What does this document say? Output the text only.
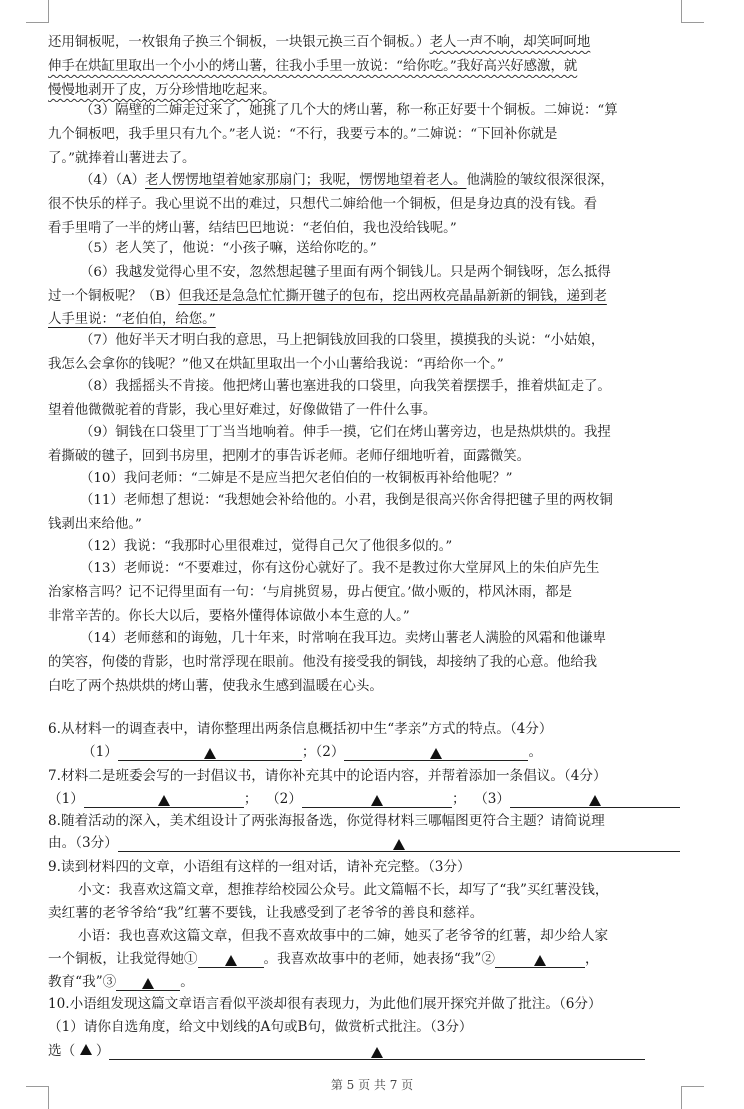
还用铜板呢，一枚银角子换三个铜板，一块银元换三百个铜板。）老人一声不响，却笑呵呵地
伸手在烘缸里取出一个小小的烤山薯，往我小手里一放说：“给你吃。”我好高兴好感激，就
慢慢地剥开了皮，万分珍惜地吃起来。
（3）隔壁的二婶走过来了，她挑了几个大的烤山薯，称一称正好要十个铜板。二婶说：“算
九个铜板吧，我手里只有九个。”老人说：“不行，我要亏本的。”二婶说：“下回补你就是
了。”就捧着山薯进去了。
（4）（A）老人愣愣地望着她家那扇门；我呢，愣愣地望着老人。他满脸的皱纹很深很深，
很不快乐的样子。我心里说不出的难过，只想代二婶给他一个铜板，但是身边真的没有钱。看
看手里啃了一半的烤山薯，结结巴巴地说：“老伯伯，我也没给钱呢。”
（5）老人笑了，他说：“小孩子嘛，送给你吃的。”
（6）我越发觉得心里不安，忽然想起毽子里面有两个铜钱儿。只是两个铜钱呀，怎么抵得
过一个铜板呢？（B）但我还是急急忙忙撕开毽子的包布，挖出两枚亮晶晶新新的铜钱，递到老
人手里说：“老伯伯，给您。”
（7）他好半天才明白我的意思，马上把铜钱放回我的口袋里，摸摸我的头说：“小姑娘，
我怎么会拿你的钱呢？”他又在烘缸里取出一个小山薯给我说：“再给你一个。”
（8）我摇摇头不肯接。他把烤山薯也塞进我的口袋里，向我笑着摆摆手，推着烘缸走了。
望着他微微驼着的背影，我心里好难过，好像做错了一件什么事。
（9）铜钱在口袋里丁丁当当地响着。伸手一摸，它们在烤山薯旁边，也是热烘烘的。我捏
着撕破的毽子，回到书房里，把刚才的事告诉老师。老师仔细地听着，面露微笑。
（10）我问老师：“二婶是不是应当把欠老伯伯的一枚铜板再补给他呢？”
（11）老师想了想说：“我想她会补给他的。小君，我倒是很高兴你舍得把毽子里的两枚铜
钱剥出来给他。”
（12）我说：“我那时心里很难过，觉得自己欠了他很多似的。”
（13）老师说：“不要难过，你有这份心就好了。我不是教过你大堂屏风上的朱伯庐先生
治家格言吗？记不记得里面有一句：‘与肩挑贸易，毋占便宜。’做小贩的，栉风沐雨，都是
非常辛苦的。你长大以后，要格外懂得体谅做小本生意的人。”
（14）老师慈和的诲勉，几十年来，时常响在我耳边。卖烤山薯老人满脸的风霜和他谦卑
的笑容，佝偻的背影，也时常浮现在眼前。他没有接受我的铜钱，却接纳了我的心意。他给我
白吃了两个热烘烘的烤山薯，使我永生感到温暖在心头。
6.从材料一的调查表中，请你整理出两条信息概括初中生“孝亲”方式的特点。（4分）
（1）	；（2）	。
7.材料二是班委会写的一封倡议书，请你补充其中的论语内容，并帮着添加一条倡议。（4分）
（1）	； （2）	； （3）
8.随着活动的深入，美术组设计了两张海报备选，你觉得材料三哪幅图更符合主题？请简说理
由。（3分）
9.读到材料四的文章，小语组有这样的一组对话，请补充完整。（3分）
小文：我喜欢这篇文章，想推荐给校园公众号。此文篇幅不长，却写了“我”买红薯没钱，
卖红薯的老爷爷给“我”红薯不要钱，让我感受到了老爷爷的善良和慈祥。
小语：我也喜欢这篇文章，但我不喜欢故事中的二婶，她买了老爷爷的红薯，却少给人家
一个铜板，让我觉得她①	。我喜欢故事中的老师，她表扬“我”②	，
教育“我”③	。
10.小语组发现这篇文章语言看似平淡却很有表现力，为此他们展开探究并做了批注。（6分）
（1）请你自选角度，给文中划线的A句或B句，做赏析式批注。（3分）
选（ ）
第 5 页 共 7 页
